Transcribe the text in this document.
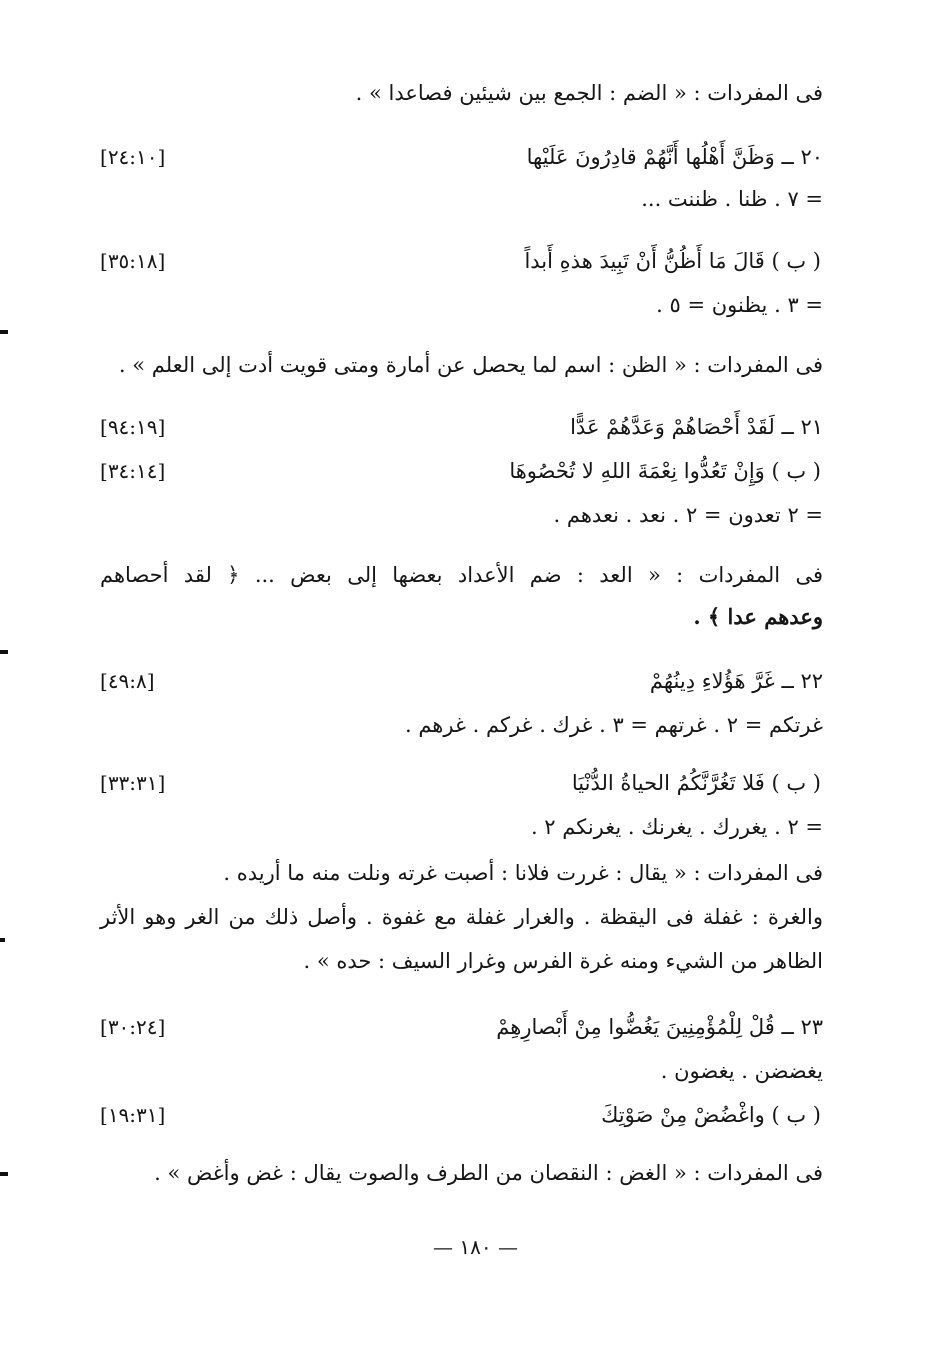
فى المفردات : « الضم : الجمع بين شيئين فصاعدا » .
٢٠ ــ وَظَنَّ أَهْلُها أَنَّهُمْ قادِرُونَ عَلَيْها
[٢٤:١٠]
= ٧ . ظنا . ظننت ...
( ب ) قَالَ مَا أَظُنُّ أَنْ تَبِيدَ هذهِ أَبداً
[٣٥:١٨]
= ٣ . يظنون = ٥ .
فى المفردات : « الظن : اسم لما يحصل عن أمارة ومتى قويت أدت إلى العلم » .
٢١ ــ لَقَدْ أَحْصَاهُمْ وَعَدَّهُمْ عَدًّا
[٩٤:١٩]
( ب ) وَإِنْ تَعُدُّوا نِعْمَةَ اللهِ لا تُحْصُوهَا
[٣٤:١٤]
= ٢ تعدون = ٢ . نعد . نعدهم .
فى المفردات : « العد : ضم الأعداد بعضها إلى بعض ... ﴿ لقد أحصاهم
وعدهم عدا ﴾ .
٢٢ ــ غَرَّ هَؤُلاءِ دِينُهُمْ
[٤٩:٨]
غرتكم = ٢ . غرتهم = ٣ . غرك . غركم . غرهم .
( ب ) فَلا تَغُرَّنَّكُمُ الحياةُ الدُّنْيَا
[٣٣:٣١]
= ٢ . يغررك . يغرنك . يغرنكم ٢ .
فى المفردات : « يقال : غررت فلانا : أصبت غرته ونلت منه ما أريده .
والغرة : غفلة فى اليقظة . والغرار غفلة مع غفوة . وأصل ذلك من الغر وهو الأثر
الظاهر من الشيء ومنه غرة الفرس وغرار السيف : حده » .
٢٣ ــ قُلْ لِلْمُؤْمِنِينَ يَغُضُّوا مِنْ أَبْصارِهِمْ
[٣٠:٢٤]
يغضضن . يغضون .
( ب ) واغْضُضْ مِنْ صَوْتِكَ
[١٩:٣١]
فى المفردات : « الغض : النقصان من الطرف والصوت يقال : غض وأغض » .
— ١٨٠ —
